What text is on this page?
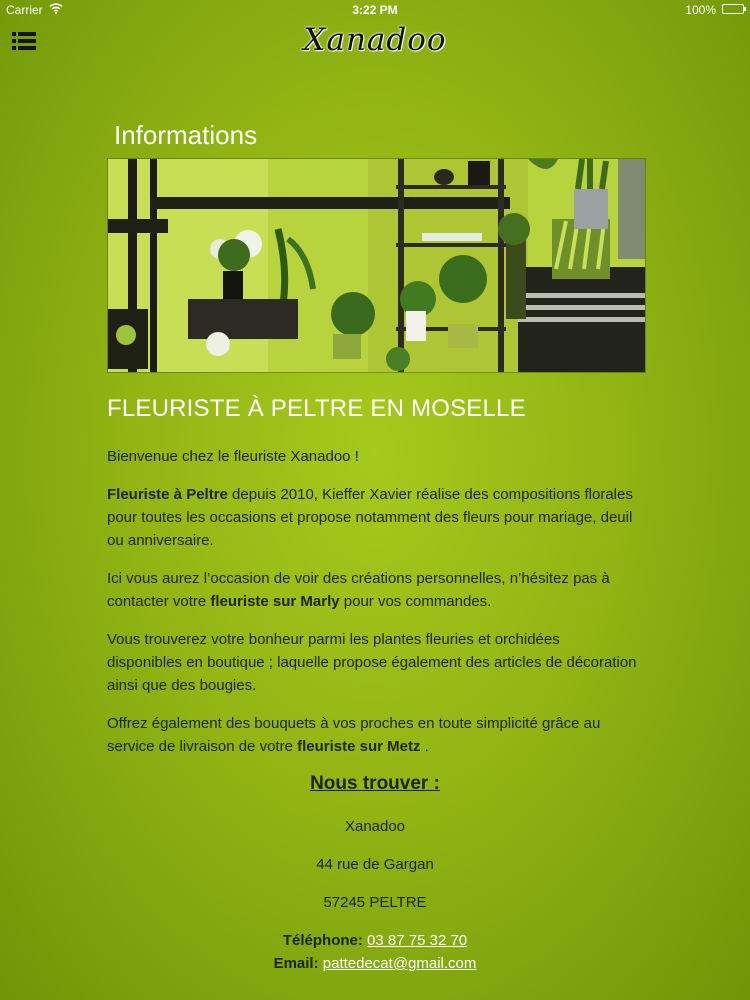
Carrier	3:22 PM	100%
Xanadoo
Informations
FLEURISTE À PELTRE EN MOSELLE

Bienvenue chez le fleuriste Xanadoo !

Fleuriste à Peltre depuis 2010, Kieffer Xavier réalise des compositions florales pour toutes les occasions et propose notamment des fleurs pour mariage, deuil ou anniversaire.

Ici vous aurez l’occasion de voir des créations personnelles, n’hésitez pas à contacter votre fleuriste sur Marly pour vos commandes.

Vous trouverez votre bonheur parmi les plantes fleuries et orchidées disponibles en boutique ; laquelle propose également des articles de décoration ainsi que des bougies.

Offrez également des bouquets à vos proches en toute simplicité grâce au service de livraison de votre fleuriste sur Metz .

Nous trouver :
Xanadoo
44 rue de Gargan
57245 PELTRE
Téléphone: 03 87 75 32 70
Email: pattedecat@gmail.com
